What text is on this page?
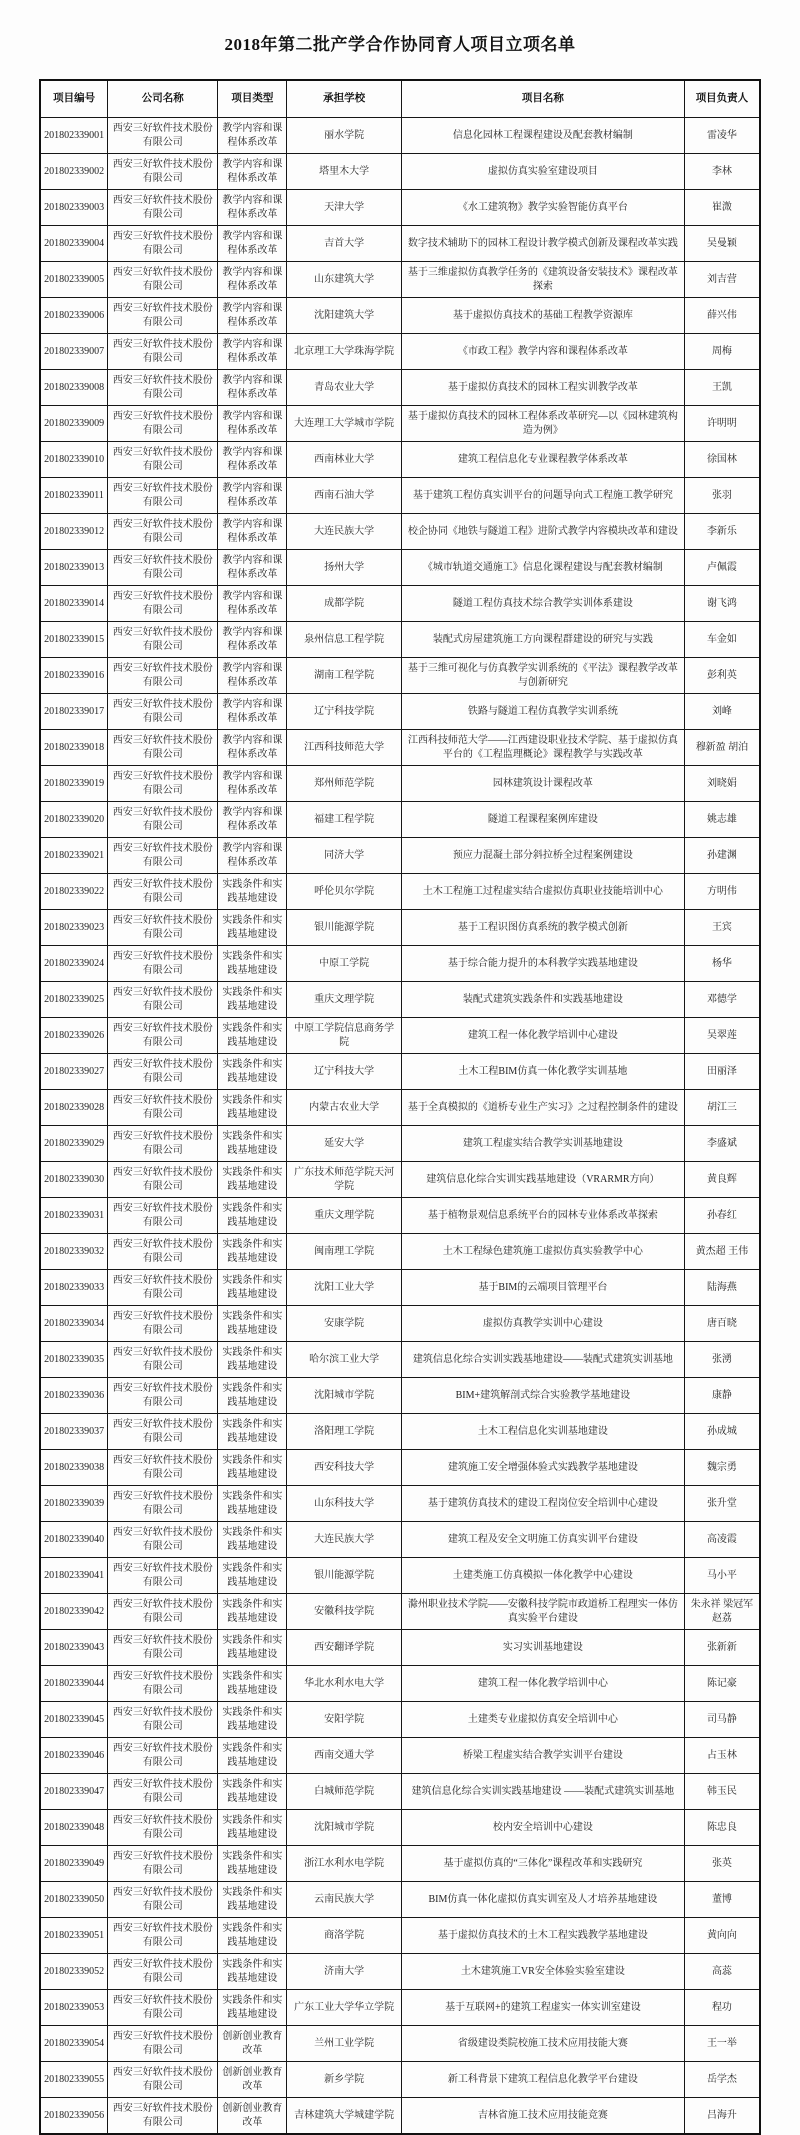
2018年第二批产学合作协同育人项目立项名单
项目编号	公司名称	项目类型	承担学校	项目名称	项目负责人
201802339001	西安三好软件技术股份有限公司	教学内容和课程体系改革	丽水学院	信息化园林工程课程建设及配套教材编制	雷凌华
201802339002	西安三好软件技术股份有限公司	教学内容和课程体系改革	塔里木大学	虚拟仿真实验室建设项目	李林
201802339003	西安三好软件技术股份有限公司	教学内容和课程体系改革	天津大学	《水工建筑物》教学实验智能仿真平台	崔溦
201802339004	西安三好软件技术股份有限公司	教学内容和课程体系改革	吉首大学	数字技术辅助下的园林工程设计教学模式创新及课程改革实践	吴曼颖
201802339005	西安三好软件技术股份有限公司	教学内容和课程体系改革	山东建筑大学	基于三维虚拟仿真教学任务的《建筑设备安装技术》课程改革探索	刘吉营
201802339006	西安三好软件技术股份有限公司	教学内容和课程体系改革	沈阳建筑大学	基于虚拟仿真技术的基础工程教学资源库	薛兴伟
201802339007	西安三好软件技术股份有限公司	教学内容和课程体系改革	北京理工大学珠海学院	《市政工程》教学内容和课程体系改革	周梅
201802339008	西安三好软件技术股份有限公司	教学内容和课程体系改革	青岛农业大学	基于虚拟仿真技术的园林工程实训教学改革	王凯
201802339009	西安三好软件技术股份有限公司	教学内容和课程体系改革	大连理工大学城市学院	基于虚拟仿真技术的园林工程体系改革研究—以《园林建筑构造为例》	许明明
201802339010	西安三好软件技术股份有限公司	教学内容和课程体系改革	西南林业大学	建筑工程信息化专业课程教学体系改革	徐国林
201802339011	西安三好软件技术股份有限公司	教学内容和课程体系改革	西南石油大学	基于建筑工程仿真实训平台的问题导向式工程施工教学研究	张羽
201802339012	西安三好软件技术股份有限公司	教学内容和课程体系改革	大连民族大学	校企协同《地铁与隧道工程》进阶式教学内容模块改革和建设	李新乐
201802339013	西安三好软件技术股份有限公司	教学内容和课程体系改革	扬州大学	《城市轨道交通施工》信息化课程建设与配套教材编制	卢佩霞
201802339014	西安三好软件技术股份有限公司	教学内容和课程体系改革	成都学院	隧道工程仿真技术综合教学实训体系建设	谢飞鸿
201802339015	西安三好软件技术股份有限公司	教学内容和课程体系改革	泉州信息工程学院	装配式房屋建筑施工方向课程群建设的研究与实践	车金如
201802339016	西安三好软件技术股份有限公司	教学内容和课程体系改革	湖南工程学院	基于三维可视化与仿真教学实训系统的《平法》课程教学改革与创新研究	彭利英
201802339017	西安三好软件技术股份有限公司	教学内容和课程体系改革	辽宁科技学院	铁路与隧道工程仿真教学实训系统	刘峰
201802339018	西安三好软件技术股份有限公司	教学内容和课程体系改革	江西科技师范大学	江西科技师范大学——江西建设职业技术学院、基于虚拟仿真平台的《工程监理概论》课程教学与实践改革	穆新盈 胡泊
201802339019	西安三好软件技术股份有限公司	教学内容和课程体系改革	郑州师范学院	园林建筑设计课程改革	刘晓娟
201802339020	西安三好软件技术股份有限公司	教学内容和课程体系改革	福建工程学院	隧道工程课程案例库建设	姚志雄
201802339021	西安三好软件技术股份有限公司	教学内容和课程体系改革	同济大学	预应力混凝土部分斜拉桥全过程案例建设	孙建渊
201802339022	西安三好软件技术股份有限公司	实践条件和实践基地建设	呼伦贝尔学院	土木工程施工过程虚实结合虚拟仿真职业技能培训中心	方明伟
201802339023	西安三好软件技术股份有限公司	实践条件和实践基地建设	银川能源学院	基于工程识图仿真系统的教学模式创新	王宾
201802339024	西安三好软件技术股份有限公司	实践条件和实践基地建设	中原工学院	基于综合能力提升的本科教学实践基地建设	杨华
201802339025	西安三好软件技术股份有限公司	实践条件和实践基地建设	重庆文理学院	装配式建筑实践条件和实践基地建设	邓德学
201802339026	西安三好软件技术股份有限公司	实践条件和实践基地建设	中原工学院信息商务学院	建筑工程一体化教学培训中心建设	吴翠莲
201802339027	西安三好软件技术股份有限公司	实践条件和实践基地建设	辽宁科技大学	土木工程BIM仿真一体化教学实训基地	田丽泽
201802339028	西安三好软件技术股份有限公司	实践条件和实践基地建设	内蒙古农业大学	基于全真模拟的《道桥专业生产实习》之过程控制条件的建设	胡江三
201802339029	西安三好软件技术股份有限公司	实践条件和实践基地建设	延安大学	建筑工程虚实结合教学实训基地建设	李盛斌
201802339030	西安三好软件技术股份有限公司	实践条件和实践基地建设	广东技术师范学院天河学院	建筑信息化综合实训实践基地建设（VRARMR方向）	黄良辉
201802339031	西安三好软件技术股份有限公司	实践条件和实践基地建设	重庆文理学院	基于植物景观信息系统平台的园林专业体系改革探索	孙春红
201802339032	西安三好软件技术股份有限公司	实践条件和实践基地建设	闽南理工学院	土木工程绿色建筑施工虚拟仿真实验教学中心	黄杰超 王伟
201802339033	西安三好软件技术股份有限公司	实践条件和实践基地建设	沈阳工业大学	基于BIM的云端项目管理平台	陆海燕
201802339034	西安三好软件技术股份有限公司	实践条件和实践基地建设	安康学院	虚拟仿真教学实训中心建设	唐百晓
201802339035	西安三好软件技术股份有限公司	实践条件和实践基地建设	哈尔滨工业大学	建筑信息化综合实训实践基地建设——装配式建筑实训基地	张湧
201802339036	西安三好软件技术股份有限公司	实践条件和实践基地建设	沈阳城市学院	BIM+建筑解剖式综合实验教学基地建设	康静
201802339037	西安三好软件技术股份有限公司	实践条件和实践基地建设	洛阳理工学院	土木工程信息化实训基地建设	孙成城
201802339038	西安三好软件技术股份有限公司	实践条件和实践基地建设	西安科技大学	建筑施工安全增强体验式实践教学基地建设	魏宗勇
201802339039	西安三好软件技术股份有限公司	实践条件和实践基地建设	山东科技大学	基于建筑仿真技术的建设工程岗位安全培训中心建设	张升堂
201802339040	西安三好软件技术股份有限公司	实践条件和实践基地建设	大连民族大学	建筑工程及安全文明施工仿真实训平台建设	高凌霞
201802339041	西安三好软件技术股份有限公司	实践条件和实践基地建设	银川能源学院	土建类施工仿真模拟一体化教学中心建设	马小平
201802339042	西安三好软件技术股份有限公司	实践条件和实践基地建设	安徽科技学院	滁州职业技术学院——安徽科技学院市政道桥工程理实一体仿真实验平台建设	朱永祥 梁冠军 赵荔
201802339043	西安三好软件技术股份有限公司	实践条件和实践基地建设	西安翻译学院	实习实训基地建设	张新新
201802339044	西安三好软件技术股份有限公司	实践条件和实践基地建设	华北水利水电大学	建筑工程一体化教学培训中心	陈记豪
201802339045	西安三好软件技术股份有限公司	实践条件和实践基地建设	安阳学院	土建类专业虚拟仿真安全培训中心	司马静
201802339046	西安三好软件技术股份有限公司	实践条件和实践基地建设	西南交通大学	桥梁工程虚实结合教学实训平台建设	占玉林
201802339047	西安三好软件技术股份有限公司	实践条件和实践基地建设	白城师范学院	建筑信息化综合实训实践基地建设 ——装配式建筑实训基地	韩玉民
201802339048	西安三好软件技术股份有限公司	实践条件和实践基地建设	沈阳城市学院	校内安全培训中心建设	陈忠良
201802339049	西安三好软件技术股份有限公司	实践条件和实践基地建设	浙江水利水电学院	基于虚拟仿真的“三体化”课程改革和实践研究	张英
201802339050	西安三好软件技术股份有限公司	实践条件和实践基地建设	云南民族大学	BIM仿真一体化虚拟仿真实训室及人才培养基地建设	董博
201802339051	西安三好软件技术股份有限公司	实践条件和实践基地建设	商洛学院	基于虚拟仿真技术的土木工程实践教学基地建设	黄向向
201802339052	西安三好软件技术股份有限公司	实践条件和实践基地建设	济南大学	土木建筑施工VR安全体验实验室建设	高蕊
201802339053	西安三好软件技术股份有限公司	实践条件和实践基地建设	广东工业大学华立学院	基于互联网+的建筑工程虚实一体实训室建设	程功
201802339054	西安三好软件技术股份有限公司	创新创业教育改革	兰州工业学院	省级建设类院校施工技术应用技能大赛	王一举
201802339055	西安三好软件技术股份有限公司	创新创业教育改革	新乡学院	新工科背景下建筑工程信息化教学平台建设	岳学杰
201802339056	西安三好软件技术股份有限公司	创新创业教育改革	吉林建筑大学城建学院	吉林省施工技术应用技能竞赛	吕海升
